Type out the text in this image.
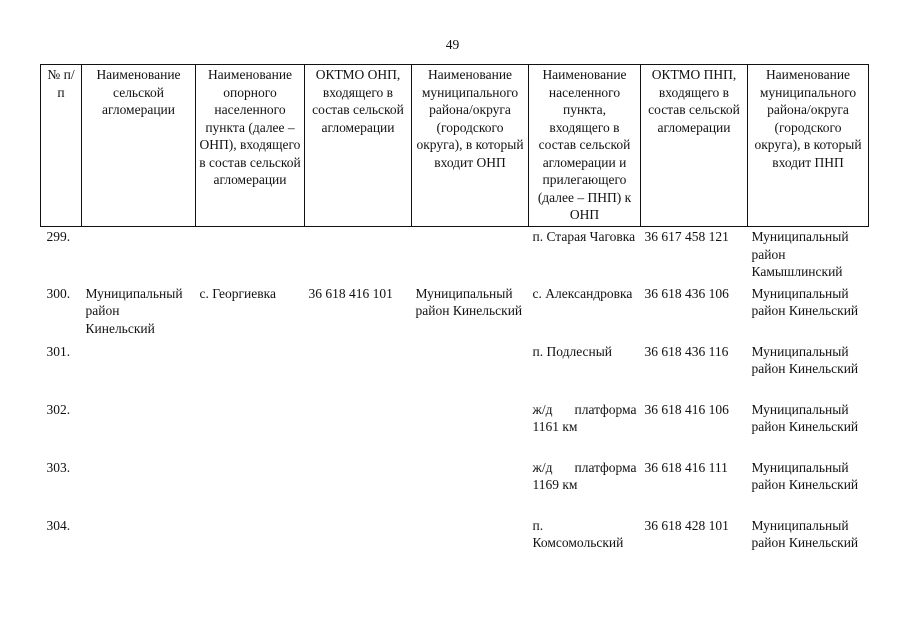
49
№ п/п	Наименование сельской агломерации	Наименование опорного населенного пункта (далее – ОНП), входящего в состав сельской агломерации	ОКТМО ОНП, входящего в состав сельской агломерации	Наименование муниципального района/округа (городского округа), в который входит ОНП	Наименование населенного пункта, входящего в состав сельской агломерации и прилегающего (далее – ПНП) к ОНП	ОКТМО ПНП, входящего в состав сельской агломерации	Наименование муниципального района/округа (городского округа), в который входит ПНП
299.					п. Старая Чаговка	36 617 458 121	Муниципальный район Камышлинский
300.	Муниципальный район Кинельский	с. Георгиевка	36 618 416 101	Муниципальный район Кинельский	с. Александровка	36 618 436 106	Муниципальный район Кинельский
301.					п. Подлесный	36 618 436 116	Муниципальный район Кинельский
302.					ж/д платформа 1161 км	36 618 416 106	Муниципальный район Кинельский
303.					ж/д платформа 1169 км	36 618 416 111	Муниципальный район Кинельский
304.					п. Комсомольский	36 618 428 101	Муниципальный район Кинельский
